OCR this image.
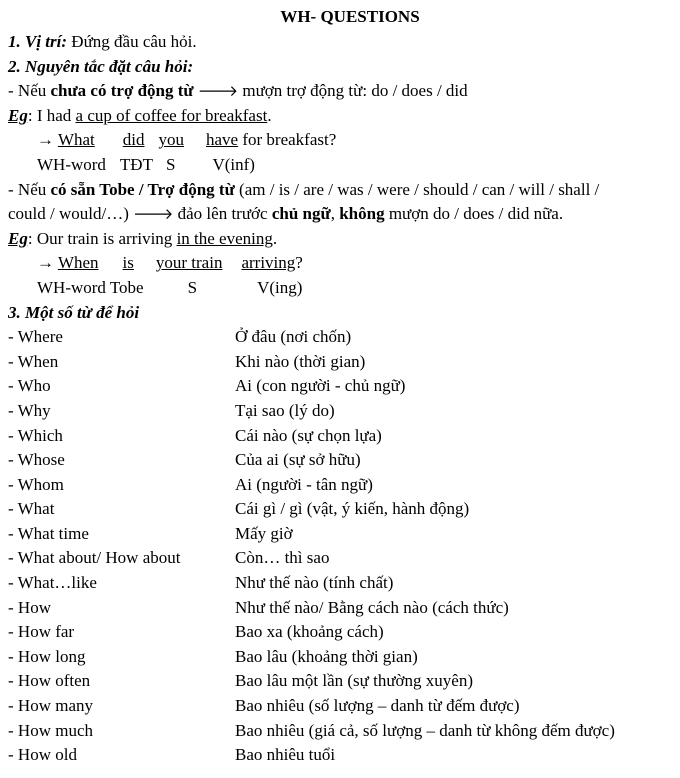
WH- QUESTIONS
1. Vị trí: Đứng đầu câu hỏi.
2. Nguyên tắc đặt câu hỏi:
- Nếu chưa có trợ động từ 🡒 mượn trợ động từ: do / does / did
Eg: I had a cup of coffee for breakfast.
→ What did you have for breakfast?
WH-word TĐT S V(inf)
- Nếu có sẵn Tobe / Trợ động từ (am / is / are / was / were / should / can / will / shall /
could / would/…) 🡒 đảo lên trước chủ ngữ, không mượn do / does / did nữa.
Eg: Our train is arriving in the evening.
→ When is your train arriving?
WH-word Tobe	S	V(ing)
3. Một số từ để hỏi
- Where	Ở đâu (nơi chốn)
- When	Khi nào (thời gian)
- Who	Ai (con người - chủ ngữ)
- Why	Tại sao (lý do)
- Which	Cái nào (sự chọn lựa)
- Whose	Của ai (sự sở hữu)
- Whom	Ai (người - tân ngữ)
- What	Cái gì / gì (vật, ý kiến, hành động)
- What time	Mấy giờ
- What about/ How about	Còn… thì sao
- What…like	Như thế nào (tính chất)
- How	Như thế nào/ Bằng cách nào (cách thức)
- How far	Bao xa (khoảng cách)
- How long	Bao lâu (khoảng thời gian)
- How often	Bao lâu một lần (sự thường xuyên)
- How many	Bao nhiêu (số lượng – danh từ đếm được)
- How much	Bao nhiêu (giá cả, số lượng – danh từ không đếm được)
- How old	Bao nhiêu tuổi
